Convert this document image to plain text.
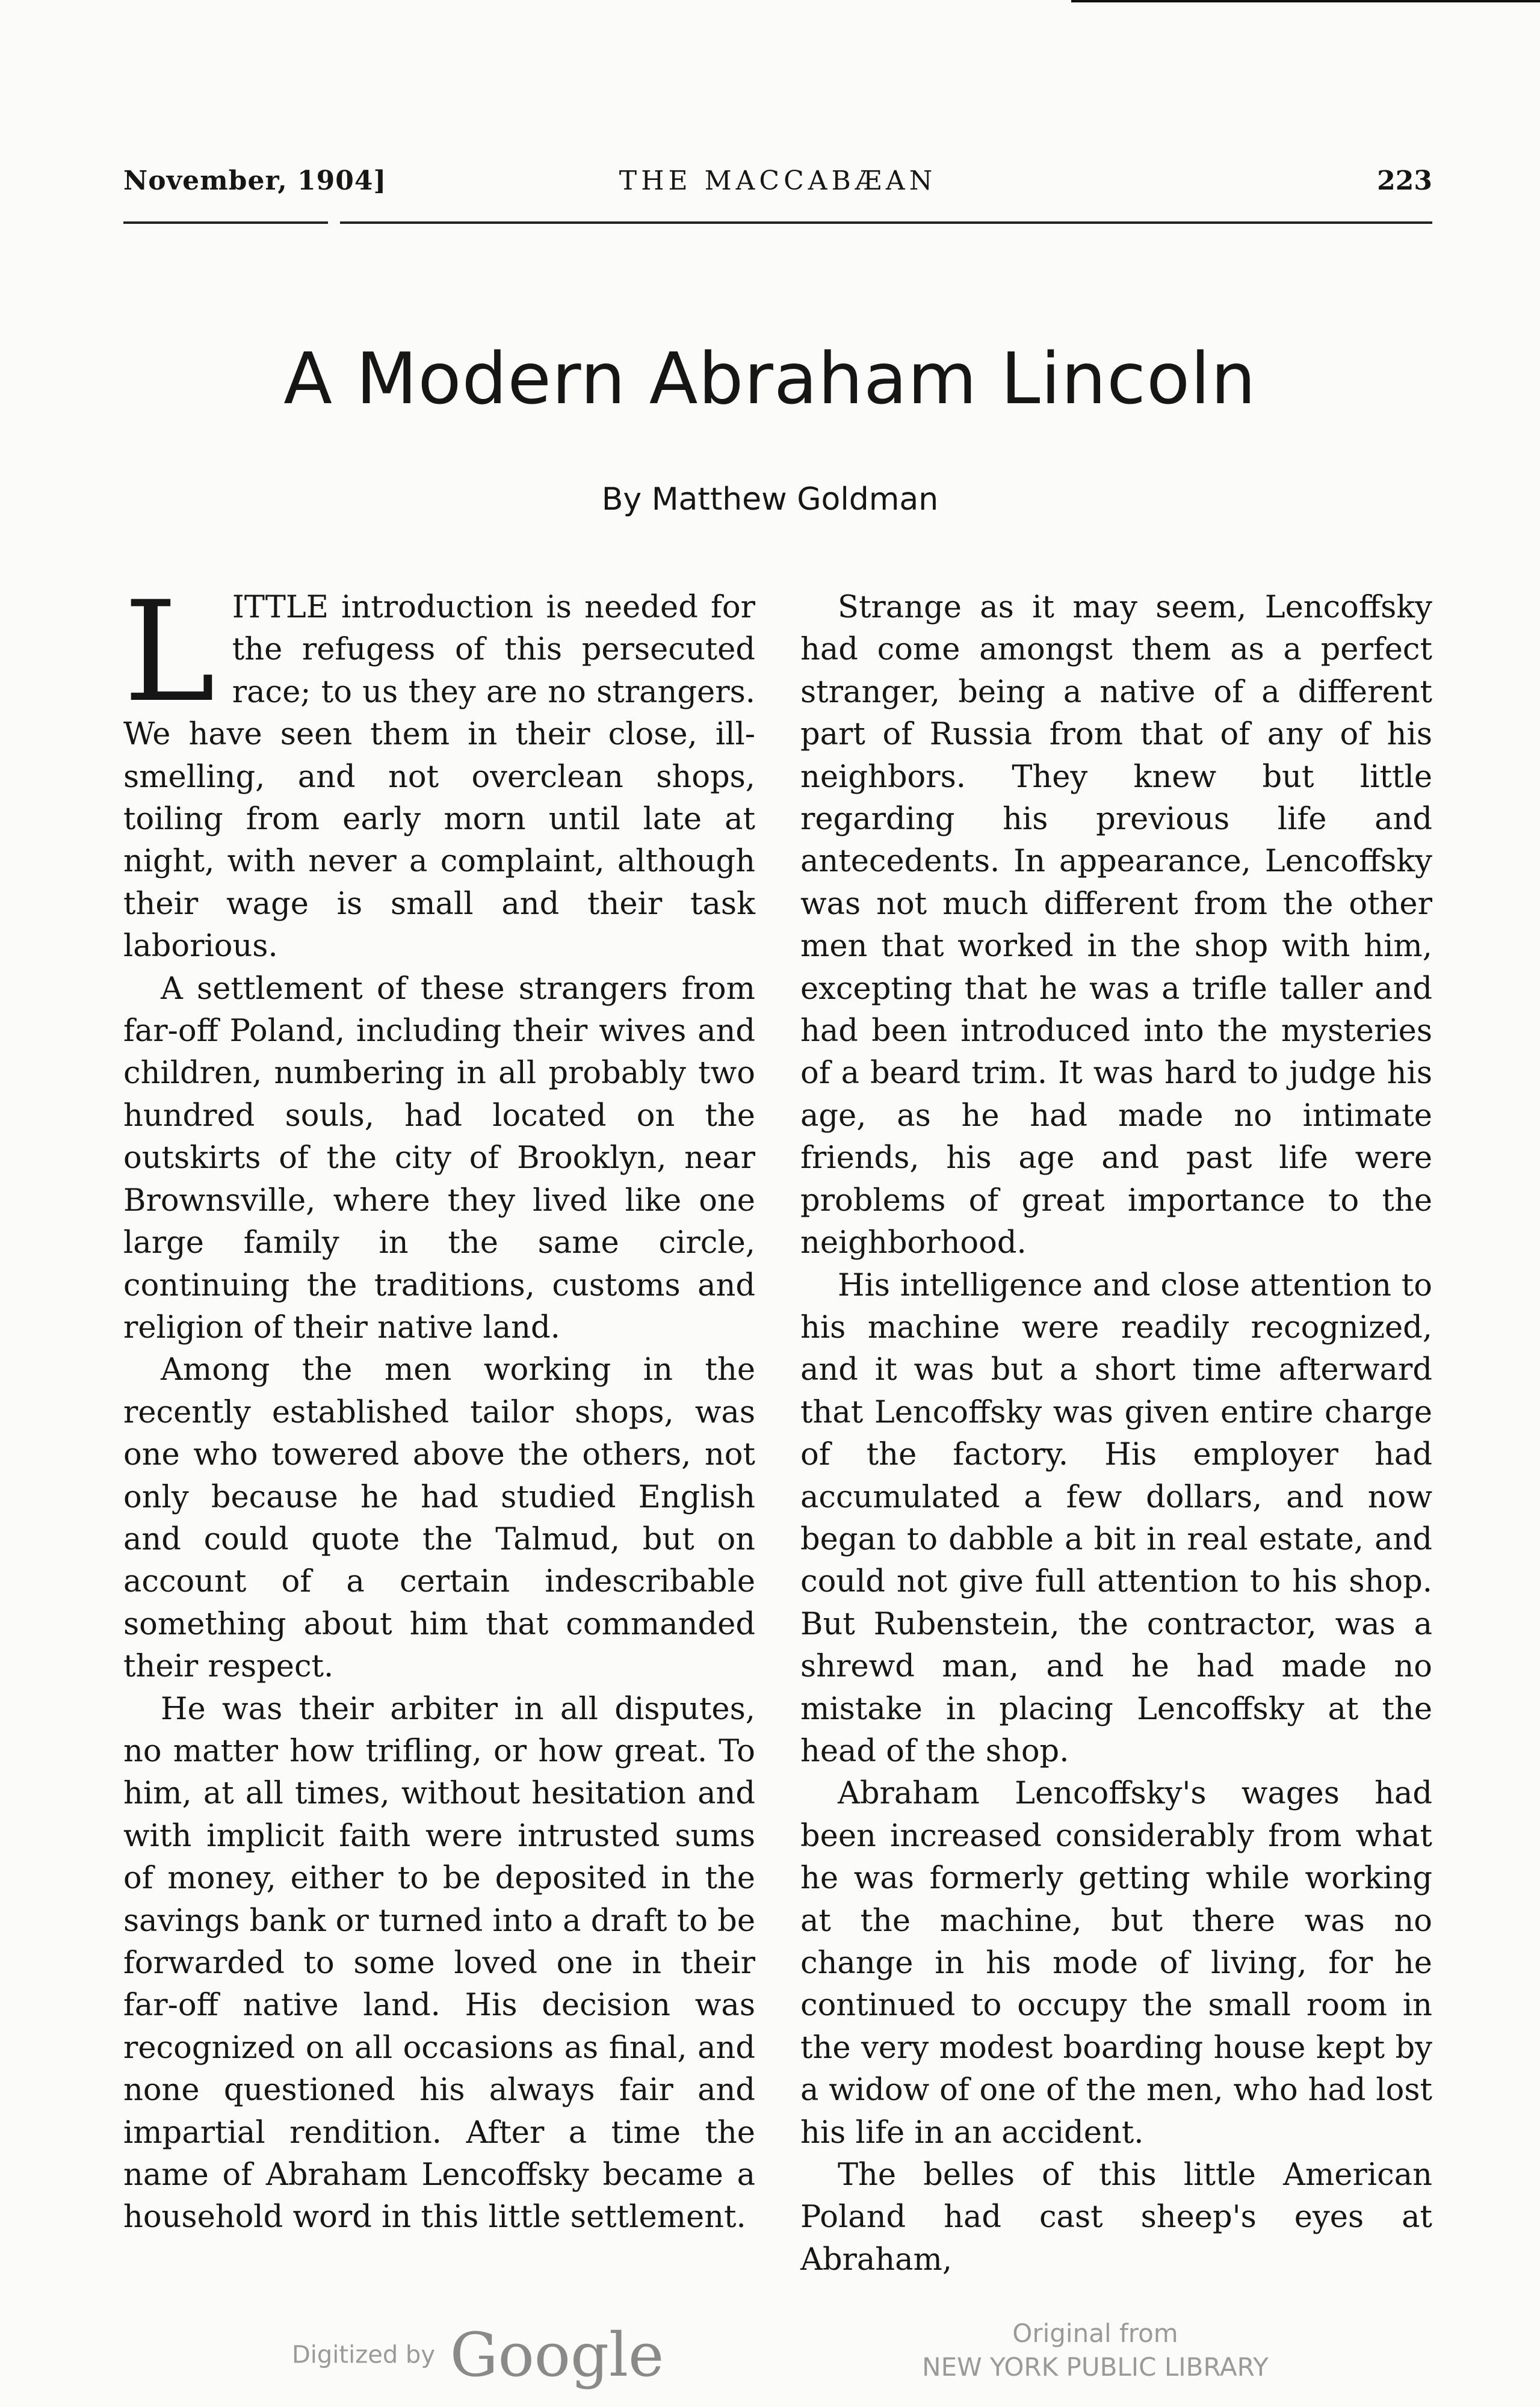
November, 1904]	THE MACCABÆAN	223
A Modern Abraham Lincoln
By Matthew Goldman

LITTLE introduction is needed for the refugess of this persecuted race; to us they are no strangers. We have seen them in their close, ill-smelling, and not overclean shops, toiling from early morn until late at night, with never a complaint, although their wage is small and their task laborious.

A settlement of these strangers from far-off Poland, including their wives and children, numbering in all probably two hundred souls, had located on the outskirts of the city of Brooklyn, near Brownsville, where they lived like one large family in the same circle, continuing the traditions, customs and religion of their native land.

Among the men working in the recently established tailor shops, was one who towered above the others, not only because he had studied English and could quote the Talmud, but on account of a certain indescribable something about him that commanded their respect.

He was their arbiter in all disputes, no matter how trifling, or how great. To him, at all times, without hesitation and with implicit faith were intrusted sums of money, either to be deposited in the savings bank or turned into a draft to be forwarded to some loved one in their far-off native land. His decision was recognized on all occasions as final, and none questioned his always fair and impartial rendition. After a time the name of Abraham Lencoffsky became a household word in this little settlement.

Strange as it may seem, Lencoffsky had come amongst them as a perfect stranger, being a native of a different part of Russia from that of any of his neighbors. They knew but little regarding his previous life and antecedents. In appearance, Lencoffsky was not much different from the other men that worked in the shop with him, excepting that he was a trifle taller and had been introduced into the mysteries of a beard trim. It was hard to judge his age, as he had made no intimate friends, his age and past life were problems of great importance to the neighborhood.

His intelligence and close attention to his machine were readily recognized, and it was but a short time afterward that Lencoffsky was given entire charge of the factory. His employer had accumulated a few dollars, and now began to dabble a bit in real estate, and could not give full attention to his shop. But Rubenstein, the contractor, was a shrewd man, and he had made no mistake in placing Lencoffsky at the head of the shop.

Abraham Lencoffsky's wages had been increased considerably from what he was formerly getting while working at the machine, but there was no change in his mode of living, for he continued to occupy the small room in the very modest boarding house kept by a widow of one of the men, who had lost his life in an accident.

The belles of this little American Poland had cast sheep's eyes at Abraham,

Digitized by Google	Original from
NEW YORK PUBLIC LIBRARY
